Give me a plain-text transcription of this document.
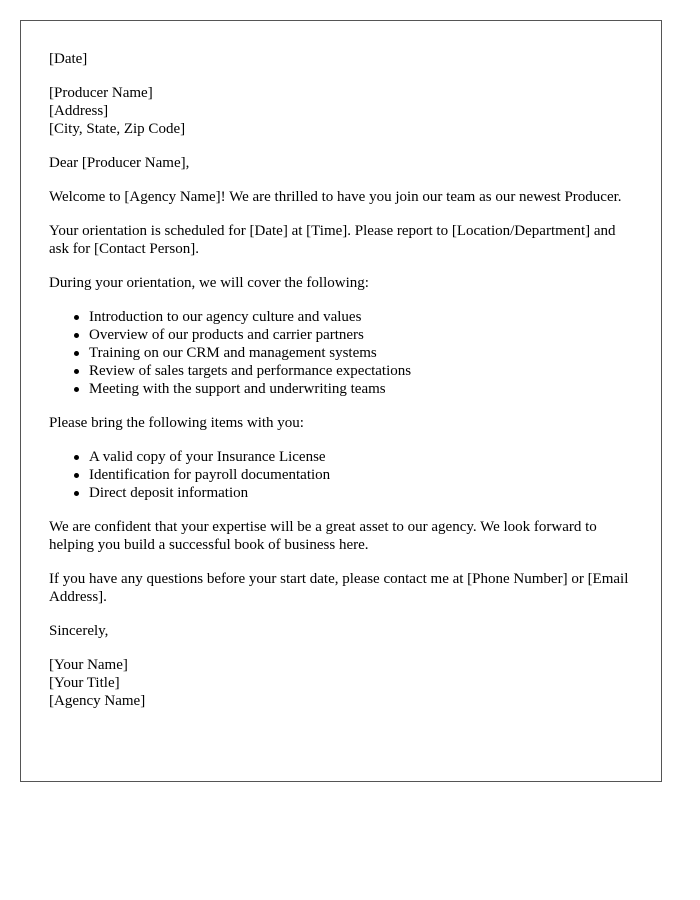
[Date]
[Producer Name]
[Address]
[City, State, Zip Code]
Dear [Producer Name],
Welcome to [Agency Name]! We are thrilled to have you join our team as our newest Producer.
Your orientation is scheduled for [Date] at [Time]. Please report to [Location/Department] and ask for [Contact Person].
During your orientation, we will cover the following:
Introduction to our agency culture and values
Overview of our products and carrier partners
Training on our CRM and management systems
Review of sales targets and performance expectations
Meeting with the support and underwriting teams
Please bring the following items with you:
A valid copy of your Insurance License
Identification for payroll documentation
Direct deposit information
We are confident that your expertise will be a great asset to our agency. We look forward to helping you build a successful book of business here.
If you have any questions before your start date, please contact me at [Phone Number] or [Email Address].
Sincerely,
[Your Name]
[Your Title]
[Agency Name]
